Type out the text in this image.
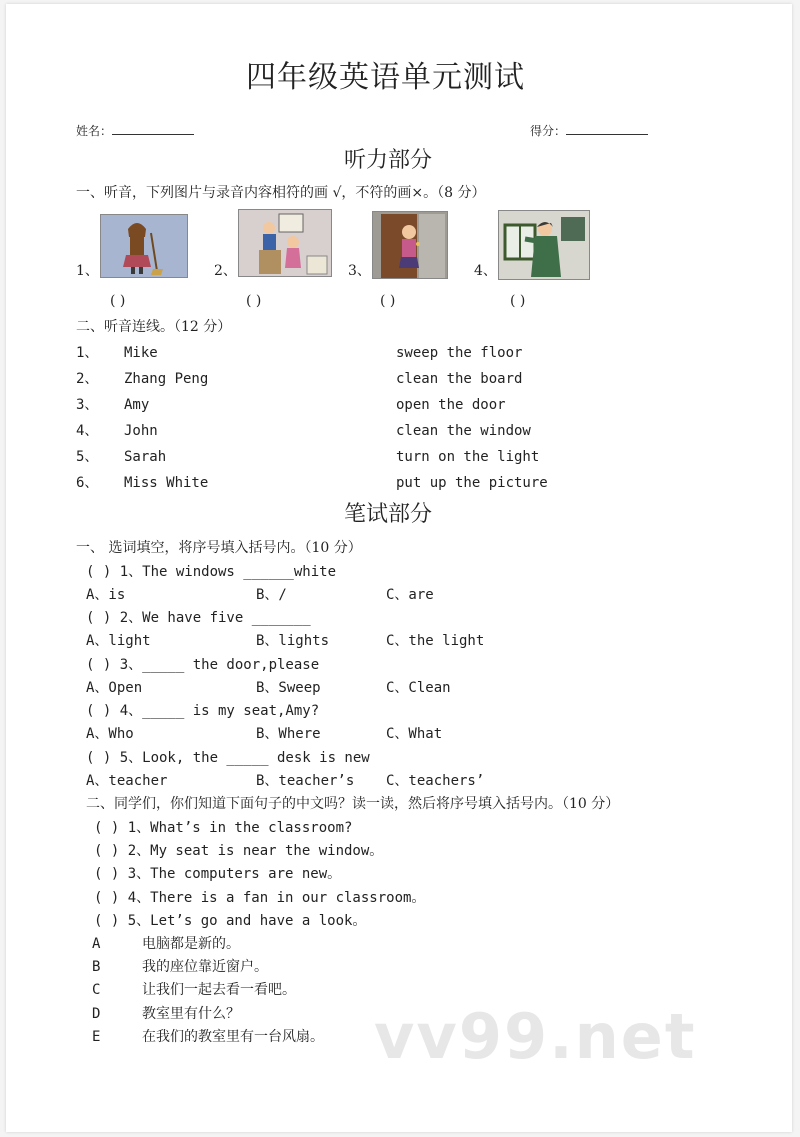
四年级英语单元测试
姓名：	得分：
听力部分
一、听音，下列图片与录音内容相符的画 √，不符的画×。（8 分）
1、
( )
2、
( )
3、
( )
4、
( )
二、听音连线。（12 分）
1、 Mike	sweep the floor
2、 Zhang Peng	clean the board
3、 Amy	open the door
4、 John	clean the window
5、 Sarah	turn on the light
6、 Miss White	put up the picture
笔试部分
一、 选词填空，将序号填入括号内。（10 分）
( ) 1、The windows ______white
A、is	B、/	C、are
( ) 2、We have five _______
A、light	B、lights	C、the light
( ) 3、_____ the door,please
A、Open	B、Sweep	C、Clean
( ) 4、_____ is my seat,Amy?
A、Who	B、Where	C、What
( ) 5、Look, the _____ desk is new
A、teacher	B、teacher’s C、teachers’
二、同学们，你们知道下面句子的中文吗？读一读，然后将序号填入括号内。（10 分）
( ) 1、What’s in the classroom?
( ) 2、My seat is near the window。
( ) 3、The computers are new。
( ) 4、There is a fan in our classroom。
( ) 5、Let’s go and have a look。
A	电脑都是新的。
B	我的座位靠近窗户。
C	让我们一起去看一看吧。
D	教室里有什么？
E	在我们的教室里有一台风扇。 vv99.net
